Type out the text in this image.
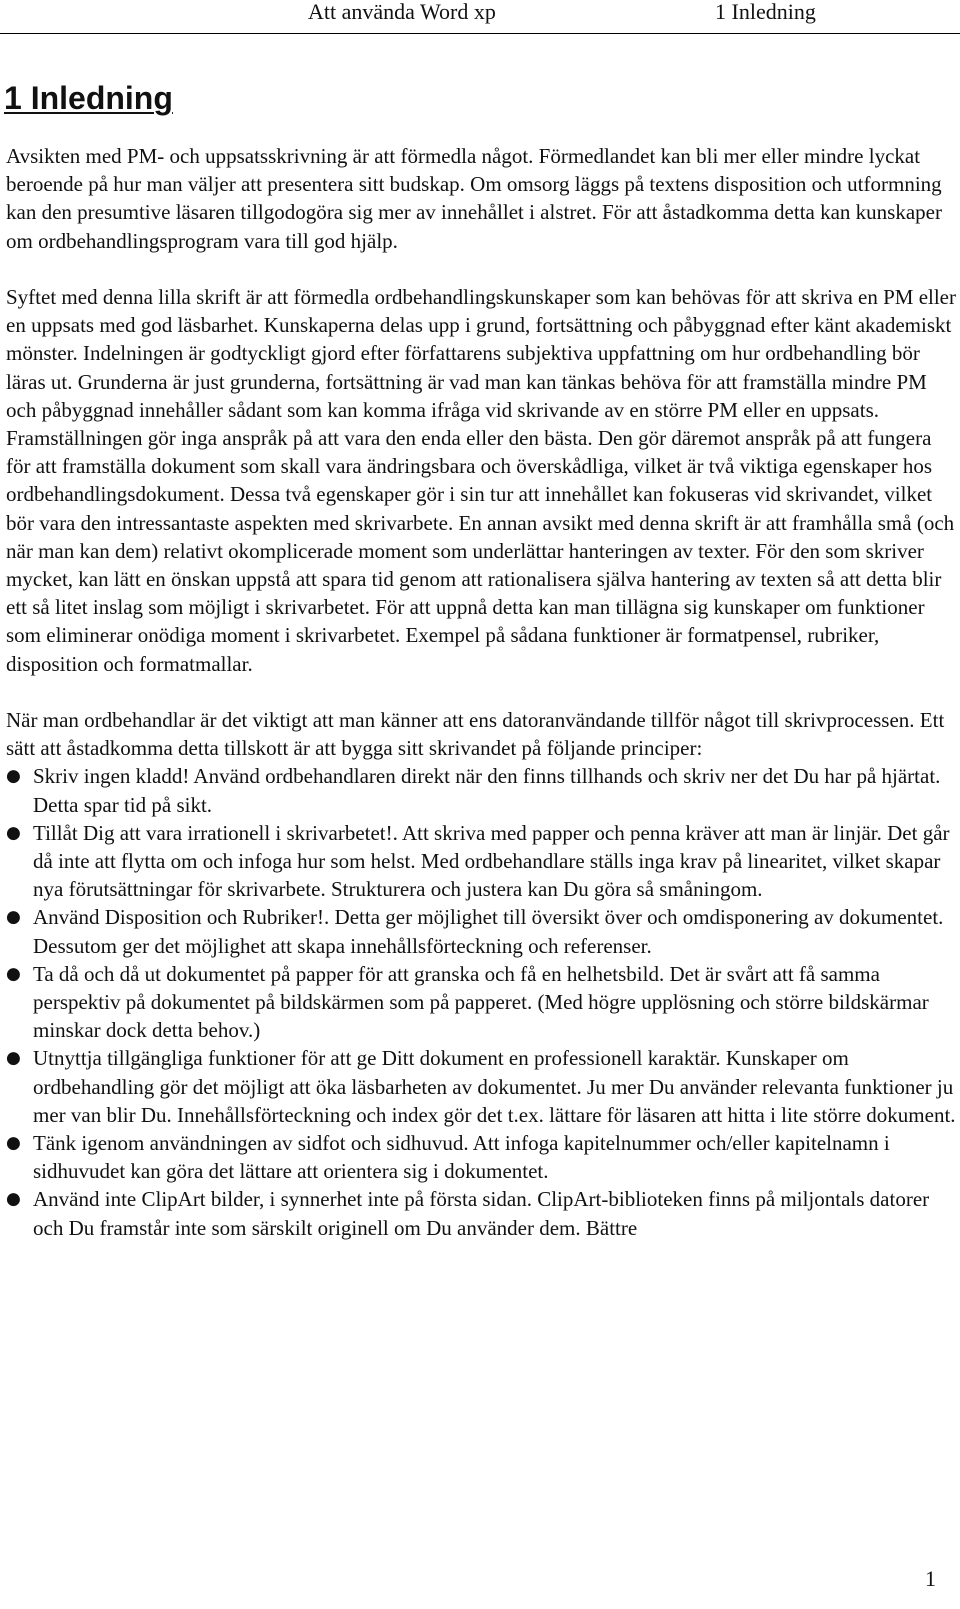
Att använda Word xp	1 Inledning
1 Inledning

Avsikten med PM- och uppsatsskrivning är att förmedla något. Förmedlandet kan bli mer eller mindre lyckat beroende på hur man väljer att presentera sitt budskap. Om omsorg läggs på textens disposition och utformning kan den presumtive läsaren tillgodogöra sig mer av innehållet i alstret. För att åstadkomma detta kan kunskaper om ordbehandlingsprogram vara till god hjälp.

Syftet med denna lilla skrift är att förmedla ordbehandlingskunskaper som kan behövas för att skriva en PM eller en uppsats med god läsbarhet. Kunskaperna delas upp i grund, fortsättning och påbyggnad efter känt akademiskt mönster. Indelningen är godtyckligt gjord efter författarens subjektiva uppfattning om hur ordbehandling bör läras ut. Grunderna är just grunderna, fortsättning är vad man kan tänkas behöva för att framställa mindre PM och påbyggnad innehåller sådant som kan komma ifråga vid skrivande av en större PM eller en uppsats. Framställningen gör inga anspråk på att vara den enda eller den bästa. Den gör däremot anspråk på att fungera för att framställa dokument som skall vara ändringsbara och överskådliga, vilket är två viktiga egenskaper hos ordbehandlingsdokument. Dessa två egenskaper gör i sin tur att innehållet kan fokuseras vid skrivandet, vilket bör vara den intressantaste aspekten med skrivarbete. En annan avsikt med denna skrift är att framhålla små (och när man kan dem) relativt okomplicerade moment som underlättar hanteringen av texter. För den som skriver mycket, kan lätt en önskan uppstå att spara tid genom att rationalisera själva hantering av texten så att detta blir ett så litet inslag som möjligt i skrivarbetet. För att uppnå detta kan man tillägna sig kunskaper om funktioner som eliminerar onödiga moment i skrivarbetet. Exempel på sådana funktioner är formatpensel, rubriker, disposition och formatmallar.

När man ordbehandlar är det viktigt att man känner att ens datoranvändande tillför något till skrivprocessen. Ett sätt att åstadkomma detta tillskott är att bygga sitt skrivandet på följande principer:

● Skriv ingen kladd! Använd ordbehandlaren direkt när den finns tillhands och skriv ner det Du har på hjärtat. Detta spar tid på sikt.
● Tillåt Dig att vara irrationell i skrivarbetet!. Att skriva med papper och penna kräver att man är linjär. Det går då inte att flytta om och infoga hur som helst. Med ordbehandlare ställs inga krav på linearitet, vilket skapar nya förutsättningar för skrivarbete. Strukturera och justera kan Du göra så småningom.
● Använd Disposition och Rubriker!. Detta ger möjlighet till översikt över och omdisponering av dokumentet. Dessutom ger det möjlighet att skapa innehållsförteckning och referenser.
● Ta då och då ut dokumentet på papper för att granska och få en helhetsbild. Det är svårt att få samma perspektiv på dokumentet på bildskärmen som på papperet. (Med högre upplösning och större bildskärmar minskar dock detta behov.)
● Utnyttja tillgängliga funktioner för att ge Ditt dokument en professionell karaktär. Kunskaper om ordbehandling gör det möjligt att öka läsbarheten av dokumentet. Ju mer Du använder relevanta funktioner ju mer van blir Du. Innehållsförteckning och index gör det t.ex. lättare för läsaren att hitta i lite större dokument.
● Tänk igenom användningen av sidfot och sidhuvud. Att infoga kapitelnummer och/eller kapitelnamn i sidhuvudet kan göra det lättare att orientera sig i dokumentet.
● Använd inte ClipArt bilder, i synnerhet inte på första sidan. ClipArt-biblioteken finns på miljontals datorer och Du framstår inte som särskilt originell om Du använder dem. Bättre
1
